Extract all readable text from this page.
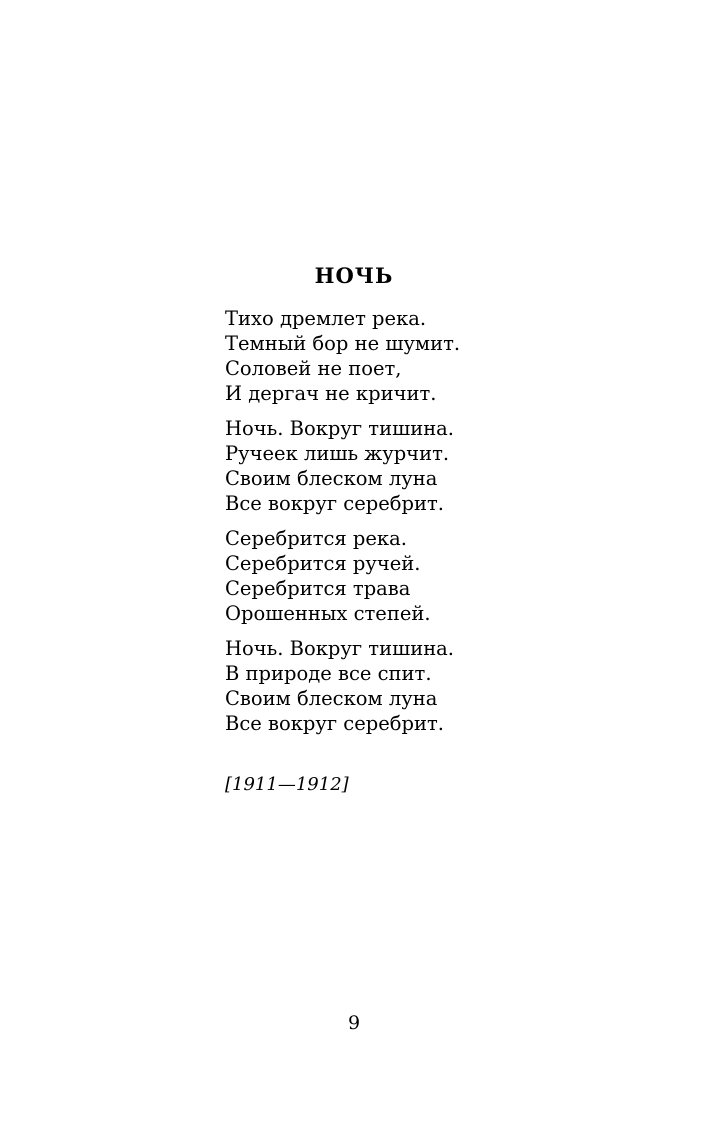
НОЧЬ
Тихо дремлет река.
Темный бор не шумит.
Соловей не поет,
И дергач не кричит.
Ночь. Вокруг тишина.
Ручеек лишь журчит.
Своим блеском луна
Все вокруг серебрит.
Серебрится река.
Серебрится ручей.
Серебрится трава
Орошенных степей.
Ночь. Вокруг тишина.
В природе все спит.
Своим блеском луна
Все вокруг серебрит.
[1911—1912]
9
